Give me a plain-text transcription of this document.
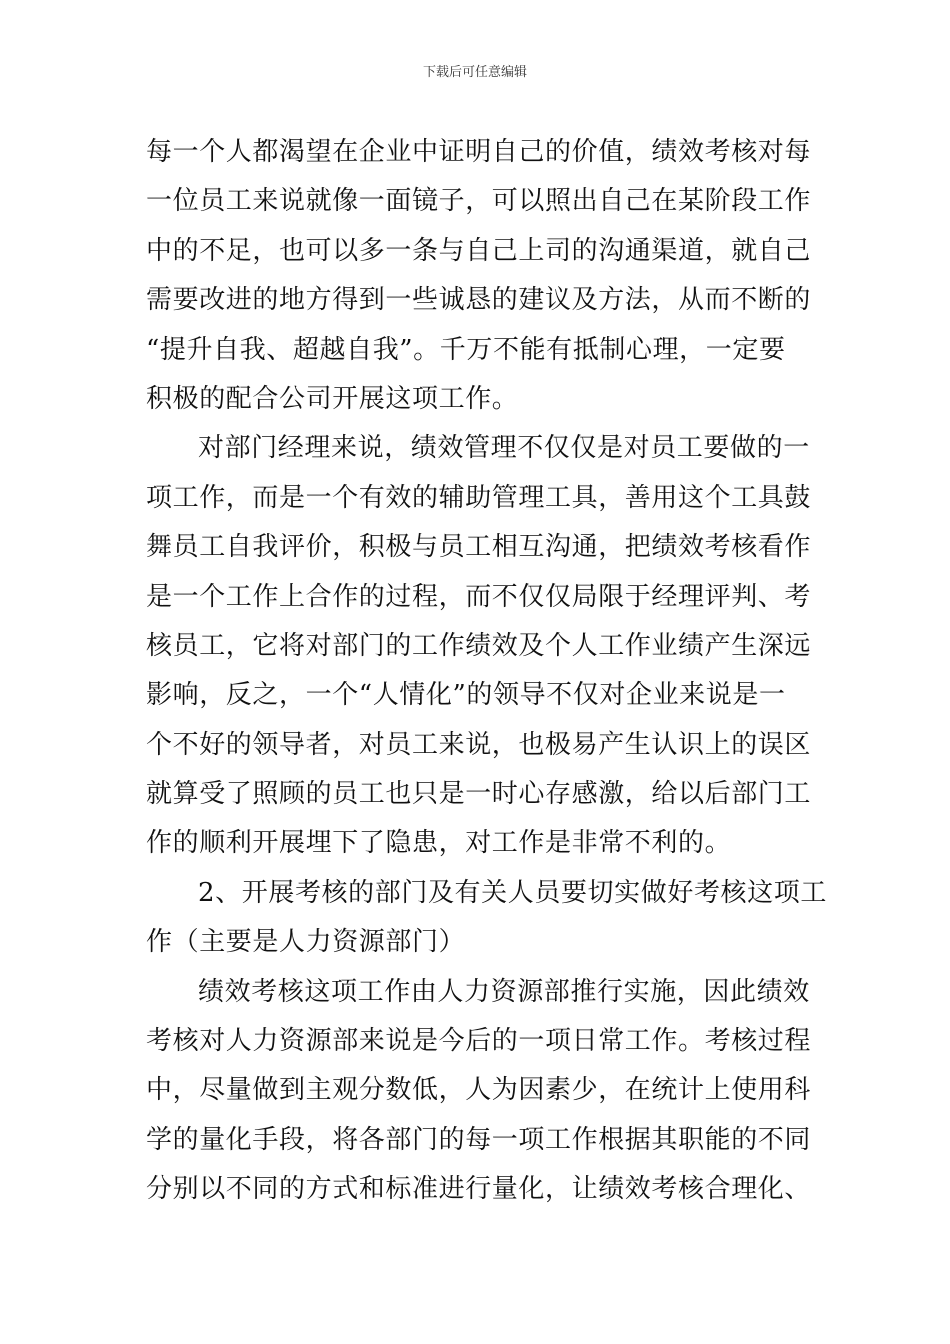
下载后可任意编辑
每一个人都渴望在企业中证明自己的价值，绩效考核对每
一位员工来说就像一面镜子，可以照出自己在某阶段工作
中的不足，也可以多一条与自己上司的沟通渠道，就自己
需要改进的地方得到一些诚恳的建议及方法，从而不断的
“提升自我、超越自我”。千万不能有抵制心理，一定要
积极的配合公司开展这项工作。
对部门经理来说，绩效管理不仅仅是对员工要做的一
项工作，而是一个有效的辅助管理工具，善用这个工具鼓
舞员工自我评价，积极与员工相互沟通，把绩效考核看作
是一个工作上合作的过程，而不仅仅局限于经理评判、考
核员工，它将对部门的工作绩效及个人工作业绩产生深远
影响，反之，一个“人情化”的领导不仅对企业来说是一
个不好的领导者，对员工来说，也极易产生认识上的误区
就算受了照顾的员工也只是一时心存感激，给以后部门工
作的顺利开展埋下了隐患，对工作是非常不利的。
2、开展考核的部门及有关人员要切实做好考核这项工
作（主要是人力资源部门）
绩效考核这项工作由人力资源部推行实施，因此绩效
考核对人力资源部来说是今后的一项日常工作。考核过程
中，尽量做到主观分数低，人为因素少，在统计上使用科
学的量化手段，将各部门的每一项工作根据其职能的不同
分别以不同的方式和标准进行量化，让绩效考核合理化、
